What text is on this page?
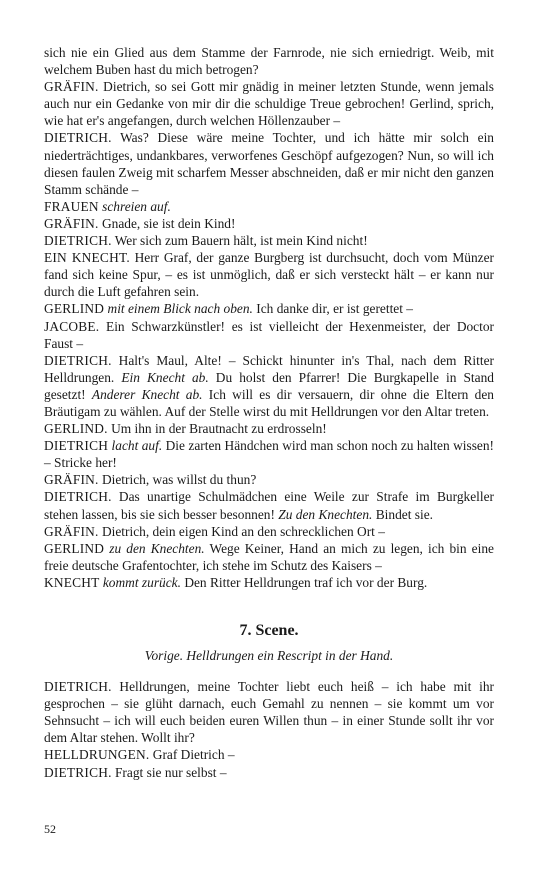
sich nie ein Glied aus dem Stamme der Farnrode, nie sich erniedrigt. Weib, mit welchem Buben hast du mich betrogen?

GRÄFIN. Dietrich, so sei Gott mir gnädig in meiner letzten Stunde, wenn jemals auch nur ein Gedanke von mir dir die schuldige Treue gebrochen! Gerlind, sprich, wie hat er's angefangen, durch welchen Höllenzauber –

DIETRICH. Was? Diese wäre meine Tochter, und ich hätte mir solch ein niederträchtiges, undankbares, verworfenes Geschöpf aufgezogen? Nun, so will ich diesen faulen Zweig mit scharfem Messer abschneiden, daß er mir nicht den ganzen Stamm schände –

FRAUEN schreien auf.

GRÄFIN. Gnade, sie ist dein Kind!

DIETRICH. Wer sich zum Bauern hält, ist mein Kind nicht!

EIN KNECHT. Herr Graf, der ganze Burgberg ist durchsucht, doch vom Münzer fand sich keine Spur, – es ist unmöglich, daß er sich versteckt hält – er kann nur durch die Luft gefahren sein.

GERLIND mit einem Blick nach oben. Ich danke dir, er ist gerettet –

JACOBE. Ein Schwarzkünstler! es ist vielleicht der Hexenmeister, der Doctor Faust –

DIETRICH. Halt's Maul, Alte! – Schickt hinunter in's Thal, nach dem Ritter Helldrungen. Ein Knecht ab. Du holst den Pfarrer! Die Burgkapelle in Stand gesetzt! Anderer Knecht ab. Ich will es dir versauern, dir ohne die Eltern den Bräutigam zu wählen. Auf der Stelle wirst du mit Helldrungen vor den Altar treten.

GERLIND. Um ihn in der Brautnacht zu erdrosseln!

DIETRICH lacht auf. Die zarten Händchen wird man schon noch zu halten wissen! – Stricke her!

GRÄFIN. Dietrich, was willst du thun?

DIETRICH. Das unartige Schulmädchen eine Weile zur Strafe im Burgkeller stehen lassen, bis sie sich besser besonnen! Zu den Knechten. Bindet sie.

GRÄFIN. Dietrich, dein eigen Kind an den schrecklichen Ort –

GERLIND zu den Knechten. Wege Keiner, Hand an mich zu legen, ich bin eine freie deutsche Grafentochter, ich stehe im Schutz des Kaisers –

KNECHT kommt zurück. Den Ritter Helldrungen traf ich vor der Burg.

7. Scene.

Vorige. Helldrungen ein Rescript in der Hand.

DIETRICH. Helldrungen, meine Tochter liebt euch heiß – ich habe mit ihr gesprochen – sie glüht darnach, euch Gemahl zu nennen – sie kommt um vor Sehnsucht – ich will euch beiden euren Willen thun – in einer Stunde sollt ihr vor dem Altar stehen. Wollt ihr?

HELLDRUNGEN. Graf Dietrich –

DIETRICH. Fragt sie nur selbst –

52
